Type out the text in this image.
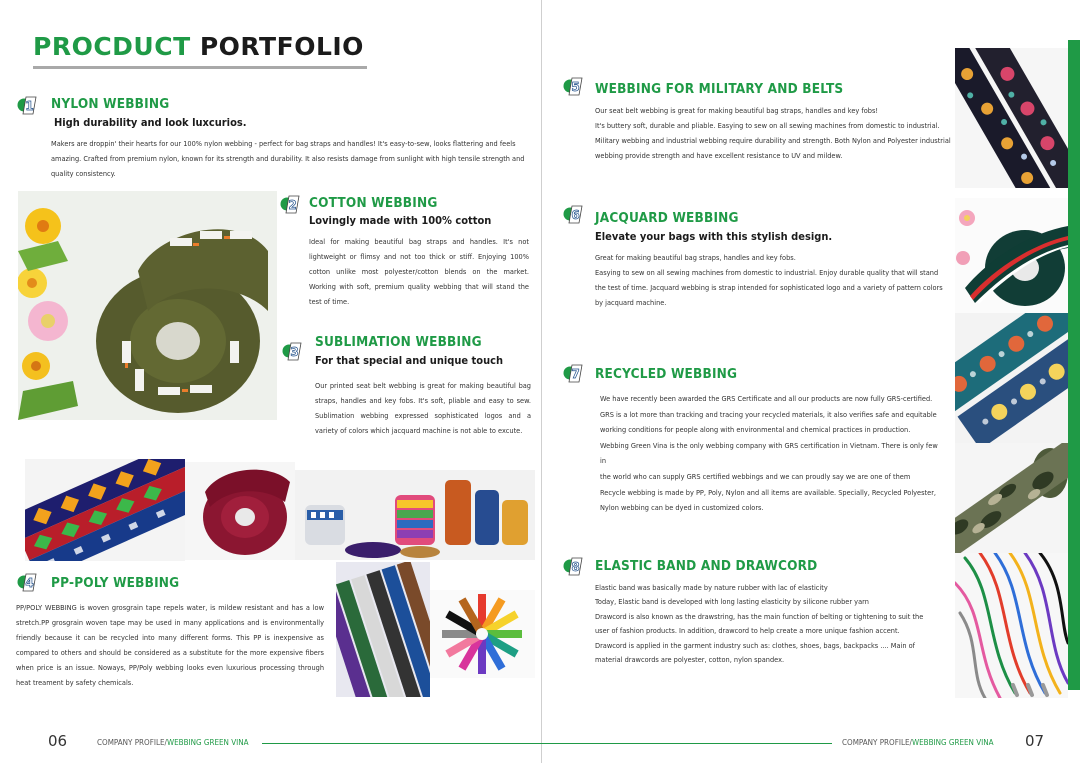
PROCDUCT PORTFOLIO
1 NYLON WEBBING
High durability and look luxcurios.
Makers are droppin' their hearts for our 100% nylon webbing - perfect for bag straps and handles! It's easy-to-sew, looks flattering and feels amazing. Crafted from premium nylon, known for its strength and durability. It also resists damage from sunlight with high tensile strength and quality consistency.
2 COTTON WEBBING
Lovingly made with 100% cotton
Ideal for making beautiful bag straps and handles. It's not lightweight or flimsy and not too thick or stiff. Enjoying 100% cotton unlike most polyester/cotton blends on the market. Working with soft, premium quality webbing that will stand the test of time.
3
SUBLIMATION WEBBING
For that special and unique touch
Our printed seat belt webbing is great for making beautiful bag straps, handles and key fobs. It's soft, pliable and easy to sew. Sublimation webbing expressed sophisticated logos and a variety of colors which jacquard machine is not able to excute.
4 PP-POLY WEBBING
PP/POLY WEBBING is woven grosgrain tape repels water, is mildew resistant and has a low stretch.PP grosgrain woven tape may be used in many applications and is environmentally friendly because it can be recycled into many different forms. This PP is inexpensive as compared to others and should be considered as a substitute for the more expensive fibers when price is an issue. Noways, PP/Poly webbing looks even luxurious processing through heat treament by safety chemicals.
5 WEBBING FOR MILITARY AND BELTS
Our seat belt webbing is great for making beautiful bag straps, handles and key fobs!
It's buttery soft, durable and pliable. Easying to sew on all sewing machines from domestic to industrial.
Military webbing and industrial webbing require durability and strength. Both Nylon and Polyester industrial
webbing provide strength and have excellent resistance to UV and mildew.
6 JACQUARD WEBBING
Elevate your bags with this stylish design.
Great for making beautiful bag straps, handles and key fobs.
Easying to sew on all sewing machines from domestic to industrial. Enjoy durable quality that will stand
the test of time. Jacquard webbing is strap intended for sophisticated logo and a variety of pattern colors
by jacquard machine.
7 RECYCLED WEBBING
We have recently been awarded the GRS Certificate and all our products are now fully GRS-certified.
GRS is a lot more than tracking and tracing your recycled materials, it also verifies safe and equitable
working conditions for people along with environmental and chemical practices in production.
Webbing Green Vina is the only webbing company with GRS certification in Vietnam. There is only few in
the world who can supply GRS certified webbings and we can proudly say we are one of them
Recycle webbing is made by PP, Poly, Nylon and all items are available. Specially, Recycled Polyester,
Nylon webbing can be dyed in customized colors.
8 ELASTIC BAND AND DRAWCORD
Elastic band was basically made by nature rubber with lac of elasticity
Today, Elastic band is developed with long lasting elasticity by silicone rubber yarn
Drawcord is also known as the drawstring, has the main function of belting or tightening to suit the
user of fashion products. In addition, drawcord to help create a more unique fashion accent.
Drawcord is applied in the garment industry such as: clothes, shoes, bags, backpacks .... Main of
material drawcords are polyester, cotton, nylon spandex.
06	COMPANY PROFILE/WEBBING GREEN VINA	COMPANY PROFILE/WEBBING GREEN VINA 07
